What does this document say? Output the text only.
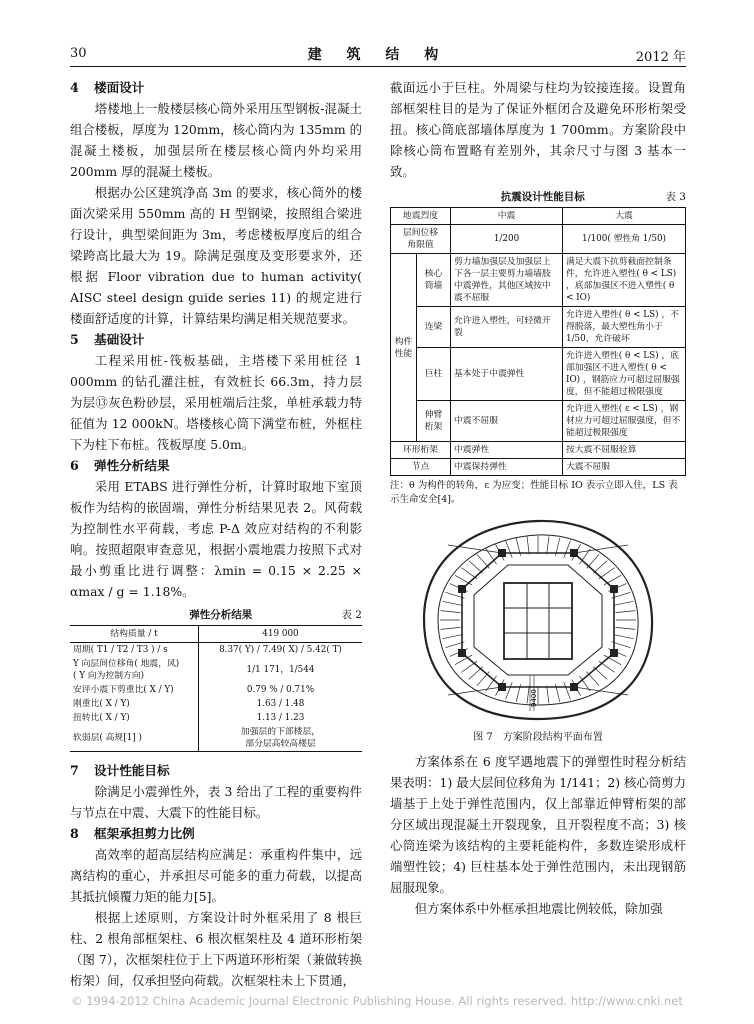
30	建 筑 结 构	2012 年
4 楼面设计

塔楼地上一般楼层核心筒外采用压型钢板-混凝土组合楼板，厚度为 120mm，核心筒内为 135mm 的混凝土楼板，加强层所在楼层核心筒内外均采用 200mm 厚的混凝土楼板。

根据办公区建筑净高 3m 的要求，核心筒外的楼面次梁采用 550mm 高的 H 型钢梁，按照组合梁进行设计，典型梁间距为 3m，考虑楼板厚度后的组合梁跨高比最大为 19。除满足强度及变形要求外，还根据 Floor vibration due to human activity( AISC steel design guide series 11) 的规定进行楼面舒适度的计算，计算结果均满足相关规范要求。

5 基础设计

工程采用桩-筏板基础，主塔楼下采用桩径 1 000mm 的钻孔灌注桩，有效桩长 66.3m，持力层为层⑬灰色粉砂层，采用桩端后注浆，单桩承载力特征值为 12 000kN。塔楼核心筒下满堂布桩，外框柱下为柱下布桩。筏板厚度 5.0m。

6 弹性分析结果

采用 ETABS 进行弹性分析，计算时取地下室顶板作为结构的嵌固端，弹性分析结果见表 2。风荷载为控制性水平荷载，考虑 P-Δ 效应对结构的不利影响。按照超限审查意见，根据小震地震力按照下式对最小剪重比进行调整：λmin = 0.15 × 2.25 × αmax / g = 1.18%。

弹性分析结果	表 2
结构质量 / t	419 000
周期( T1 / T2 / T3 ) / s	8.37( Y) / 7.49( X) / 5.42( T)
Y 向层间位移角( 地震，风)
( Y 向为控制方向)	1/1 171，1/544
安评小震下剪重比( X / Y)	0.79 % / 0.71%
刚重比( X / Y)	1.63 / 1.48
扭转比( X / Y)	1.13 / 1.23
软弱层( 高规[1] )	加强层的下部楼层，
部分层高较高楼层
7 设计性能目标

除满足小震弹性外，表 3 给出了工程的重要构件与节点在中震、大震下的性能目标。

8 框架承担剪力比例

高效率的超高层结构应满足：承重构件集中，远离结构的重心，并承担尽可能多的重力荷载，以提高其抵抗倾覆力矩的能力[5]。

根据上述原则，方案设计时外框采用了 8 根巨柱、2 根角部框架柱、6 根次框架柱及 4 道环形桁架（图 7），次框架柱位于上下两道环形桁架（兼做转换桁架）间，仅承担竖向荷载。次框架柱未上下贯通，

截面远小于巨柱。外周梁与柱均为铰接连接。设置角部框架柱目的是为了保证外框闭合及避免环形桁架受扭。核心筒底部墙体厚度为 1 700mm。方案阶段中除核心筒布置略有差别外，其余尺寸与图 3 基本一致。

抗震设计性能目标	表 3
地震烈度		中震	大震
层间位移
角限值		1/200	1/100( 塑性角 1/50)
构件
性能	核心
筒墙	剪力墙加强层及加强层上下各一层主要剪力墙墙肢中震弹性，其他区域按中震不屈服	满足大震下抗剪截面控制条件，允许进入塑性( θ < LS) ，底部加强区不进入塑性( θ < IO)
	连梁	允许进入塑性，可轻微开裂	允许进入塑性( θ < LS) ，不得脱落，最大塑性角小于 1/50，允许破坏
	巨柱	基本处于中震弹性	允许进入塑性( θ < LS) ，底部加强区不进入塑性( θ < IO) ，钢筋应力可超过屈服强度，但不能超过极限强度
	伸臂
桁架	中震不屈服	允许进入塑性( ε < LS) ，钢材应力可超过屈服强度，但不能超过极限强度
环形桁架		中震弹性	按大震不屈服验算
节点		中震保持弹性	大震不屈服
注：θ 为构件的转角，ε 为应变；性能目标 IO 表示立即入住，LS 表示生命安全[4]。
9400
图 7　方案阶段结构平面布置

方案体系在 6 度罕遇地震下的弹塑性时程分析结果表明：1) 最大层间位移角为 1/141；2) 核心筒剪力墙基于上处于弹性范围内，仅上部靠近伸臂桁架的部分区域出现混凝土开裂现象，且开裂程度不高；3) 核心筒连梁为该结构的主要耗能构件，多数连梁形成杆端塑性铰；4) 巨柱基本处于弹性范围内，未出现钢筋屈服现象。

但方案体系中外框承担地震比例较低，除加强

© 1994-2012 China Academic Journal Electronic Publishing House. All rights reserved. http://www.cnki.net
